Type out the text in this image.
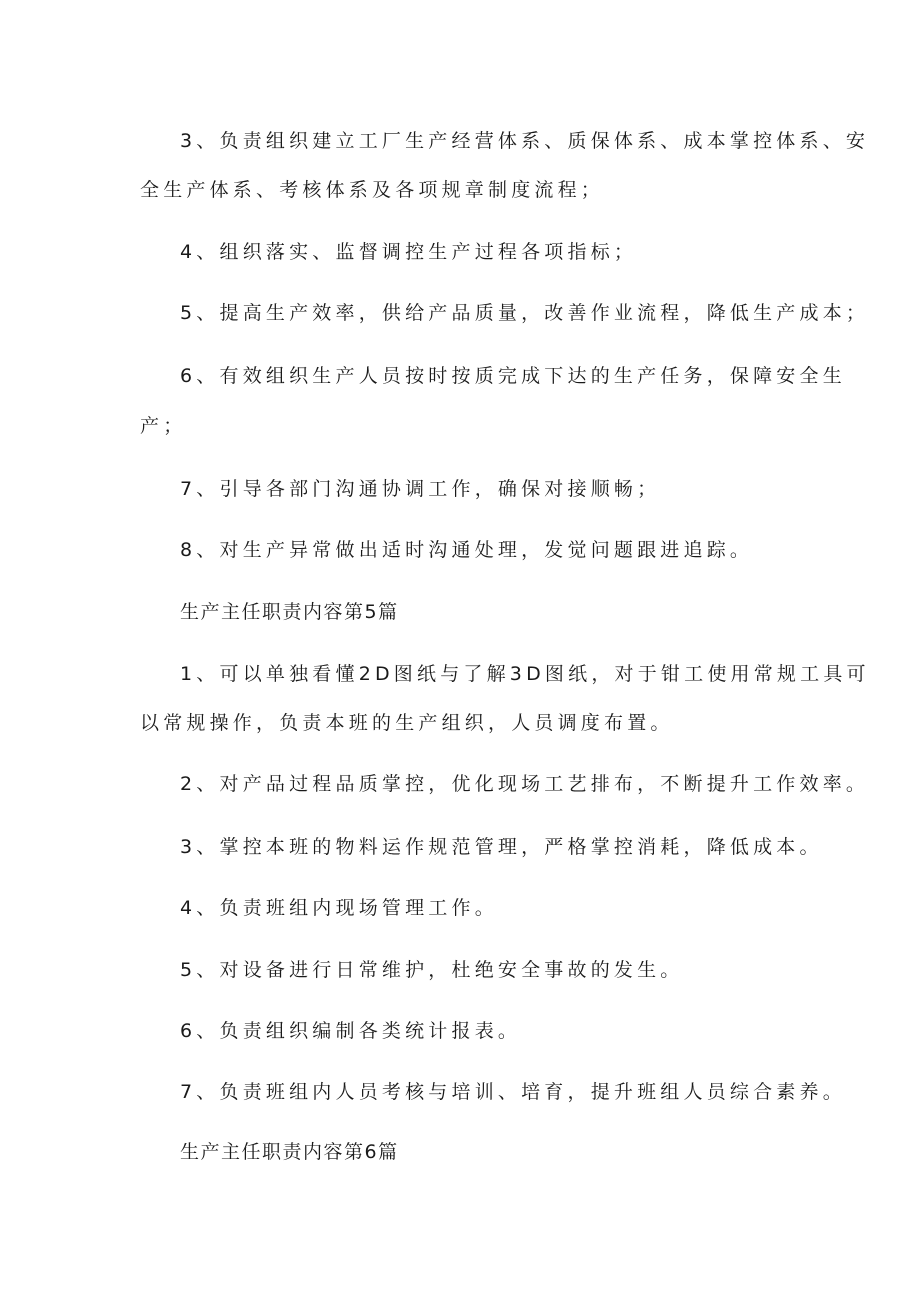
3、负责组织建立工厂生产经营体系、质保体系、成本掌控体系、安
全生产体系、考核体系及各项规章制度流程；
4、组织落实、监督调控生产过程各项指标；
5、提高生产效率，供给产品质量，改善作业流程，降低生产成本；
6、有效组织生产人员按时按质完成下达的生产任务，保障安全生
产；
7、引导各部门沟通协调工作，确保对接顺畅；
8、对生产异常做出适时沟通处理，发觉问题跟进追踪。
生产主任职责内容第5篇
1、可以单独看懂2D图纸与了解3D图纸，对于钳工使用常规工具可
以常规操作，负责本班的生产组织，人员调度布置。
2、对产品过程品质掌控，优化现场工艺排布，不断提升工作效率。
3、掌控本班的物料运作规范管理，严格掌控消耗，降低成本。
4、负责班组内现场管理工作。
5、对设备进行日常维护，杜绝安全事故的发生。
6、负责组织编制各类统计报表。
7、负责班组内人员考核与培训、培育，提升班组人员综合素养。
生产主任职责内容第6篇
